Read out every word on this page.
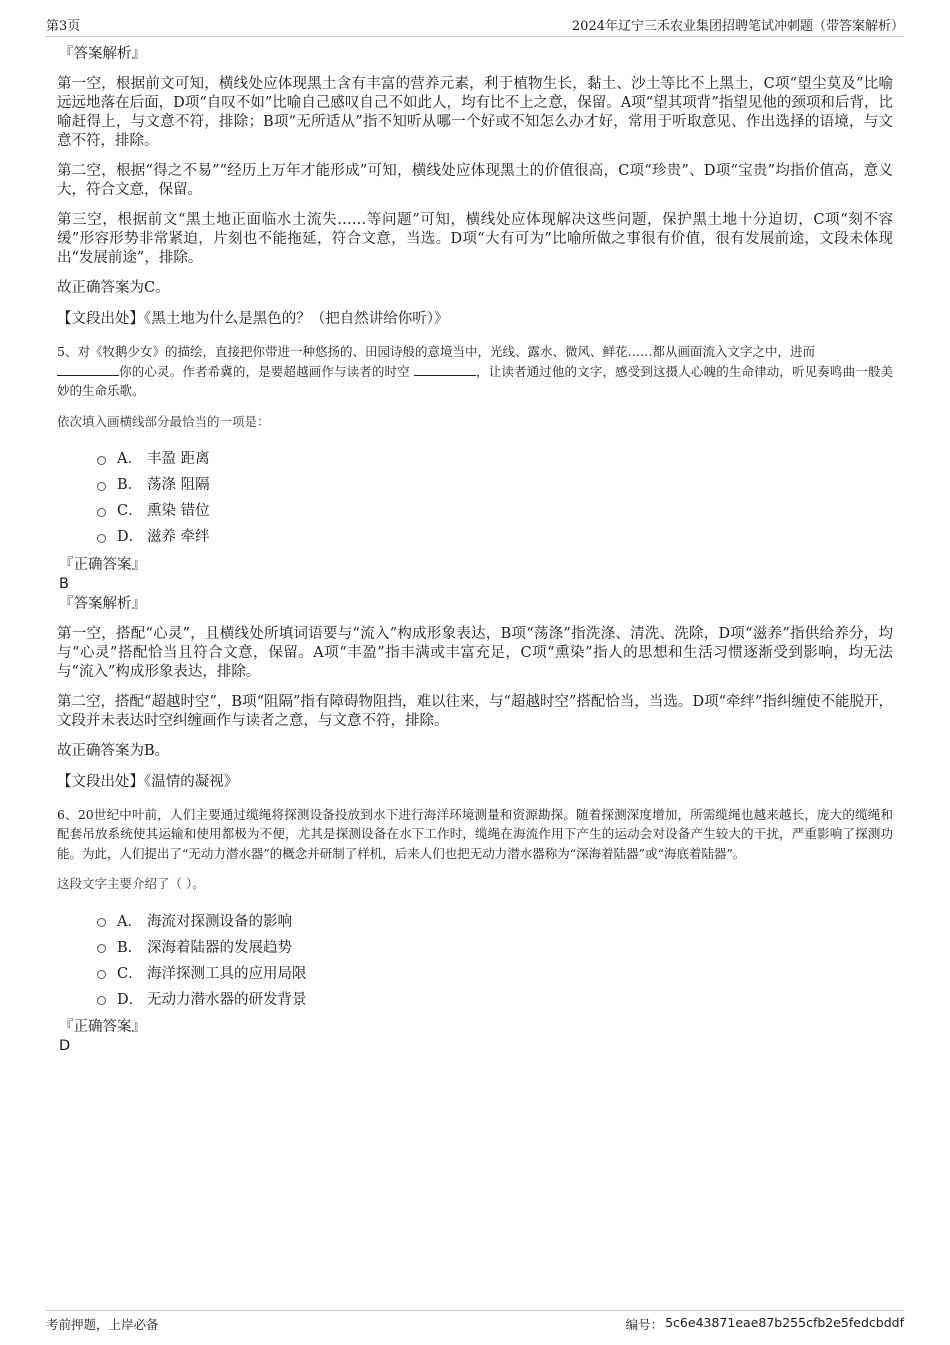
第3页	2024年辽宁三禾农业集团招聘笔试冲刺题（带答案解析）
『答案解析』

第一空，根据前文可知，横线处应体现黑土含有丰富的营养元素，利于植物生长，黏土、沙土等比不上黑土，C项“望尘莫及”比喻远远地落在后面，D项“自叹不如”比喻自己感叹自己不如此人，均有比不上之意，保留。A项“望其项背”指望见他的颈项和后背，比喻赶得上，与文意不符，排除；B项“无所适从”指不知听从哪一个好或不知怎么办才好，常用于听取意见、作出选择的语境，与文意不符，排除。

第二空，根据“得之不易”“经历上万年才能形成”可知，横线处应体现黑土的价值很高，C项“珍贵”、D项“宝贵”均指价值高，意义大，符合文意，保留。

第三空，根据前文“黑土地正面临水土流失……等问题”可知，横线处应体现解决这些问题，保护黑土地十分迫切，C项“刻不容缓”形容形势非常紧迫，片刻也不能拖延，符合文意，当选。D项“大有可为”比喻所做之事很有价值，很有发展前途，文段未体现出“发展前途”，排除。

故正确答案为C。

【文段出处】《黑土地为什么是黑色的？（把自然讲给你听）》

5、对《牧鹅少女》的描绘，直接把你带进一种悠扬的、田园诗般的意境当中，光线、露水、微风、鲜花……都从画面流入文字之中，进而
你的心灵。作者希冀的，是要超越画作与读者的时空	，让读者通过他的文字，感受到这摄人心魄的生命律动，听见奏鸣曲一般美妙的生命乐歌。

依次填入画横线部分最恰当的一项是：

A． 丰盈 距离
B． 荡涤 阻隔
C． 熏染 错位
D． 滋养 牵绊
『正确答案』
B
『答案解析』

第一空，搭配“心灵”，且横线处所填词语要与“流入”构成形象表达，B项“荡涤”指洗涤、清洗、洗除，D项“滋养”指供给养分，均与“心灵”搭配恰当且符合文意，保留。A项“丰盈”指丰满或丰富充足，C项“熏染”指人的思想和生活习惯逐渐受到影响，均无法与“流入”构成形象表达，排除。

第二空，搭配“超越时空”，B项“阻隔”指有障碍物阻挡，难以往来，与“超越时空”搭配恰当，当选。D项“牵绊”指纠缠使不能脱开，文段并未表达时空纠缠画作与读者之意，与文意不符，排除。

故正确答案为B。

【文段出处】《温情的凝视》

6、20世纪中叶前，人们主要通过缆绳将探测设备投放到水下进行海洋环境测量和资源勘探。随着探测深度增加，所需缆绳也越来越长，庞大的缆绳和配套吊放系统使其运输和使用都极为不便，尤其是探测设备在水下工作时，缆绳在海流作用下产生的运动会对设备产生较大的干扰，严重影响了探测功能。为此，人们提出了“无动力潜水器”的概念并研制了样机，后来人们也把无动力潜水器称为“深海着陆器”或“海底着陆器”。

这段文字主要介绍了（ ）。

A． 海流对探测设备的影响
B． 深海着陆器的发展趋势
C． 海洋探测工具的应用局限
D． 无动力潜水器的研发背景
『正确答案』
D
考前押题，上岸必备	编号： 5c6e43871eae87b255cfb2e5fedcbddf
